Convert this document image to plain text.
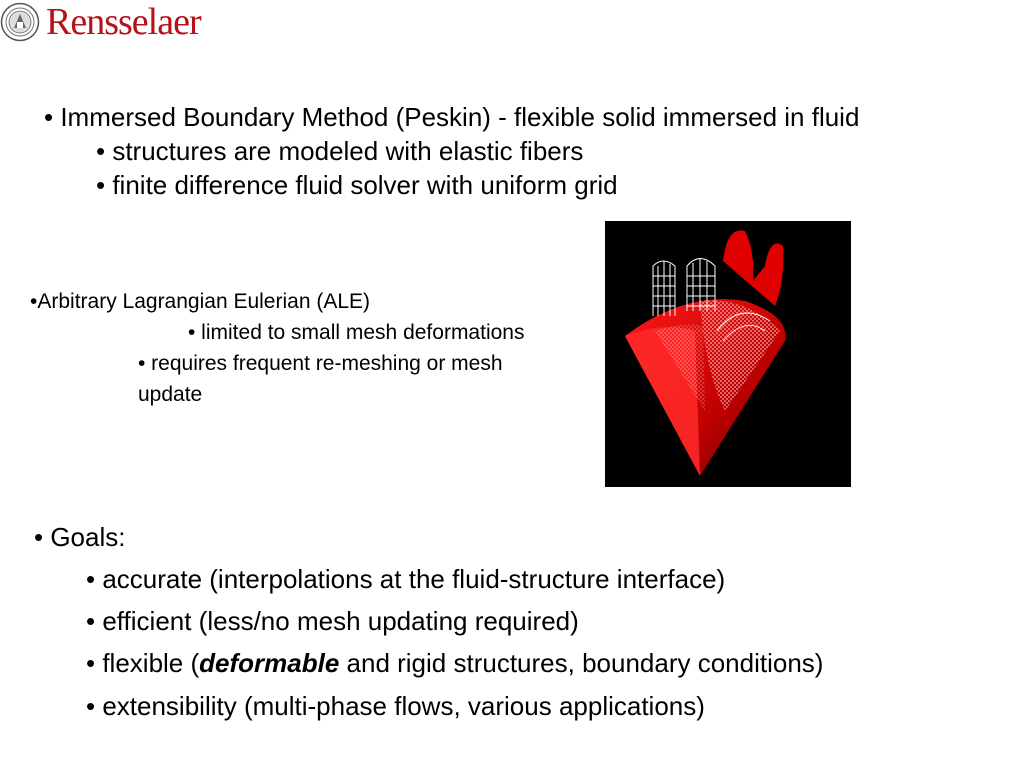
Rensselaer
• Immersed Boundary Method (Peskin) - flexible solid immersed in fluid
• structures are modeled with elastic fibers
• finite difference fluid solver with uniform grid
•Arbitrary Lagrangian Eulerian (ALE)
• limited to small mesh deformations
• requires frequent re-meshing or mesh
update
• Goals:
• accurate (interpolations at the fluid-structure interface)
• efficient (less/no mesh updating required)
• flexible (deformable and rigid structures, boundary conditions)
• extensibility (multi-phase flows, various applications)
